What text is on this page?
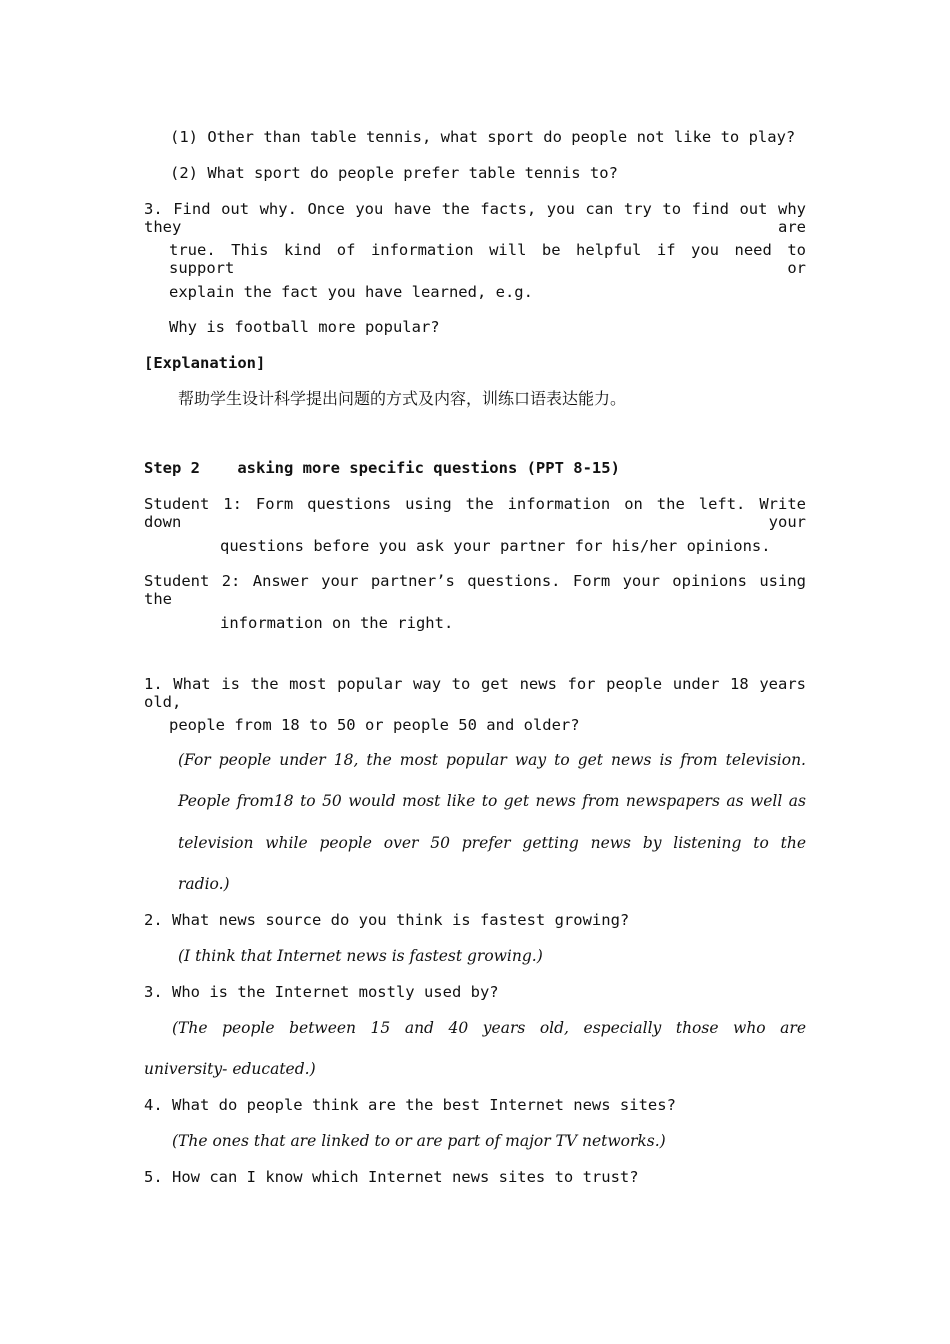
(1) Other than table tennis, what sport do people not like to play?
(2) What sport do people prefer table tennis to?
3. Find out why. Once you have the facts, you can try to find out why they are
true. This kind of information will be helpful if you need to support or
explain the fact you have learned, e.g.
Why is football more popular?
[Explanation]
帮助学生设计科学提出问题的方式及内容，训练口语表达能力。
Step 2    asking more specific questions (PPT 8-15)
Student 1: Form questions using the information on the left. Write down your
questions before you ask your partner for his/her opinions.
Student 2: Answer your partner’s questions. Form your opinions using the
information on the right.
1. What is the most popular way to get news for people under 18 years old,
people from 18 to 50 or people 50 and older?
(For people under 18, the most popular way to get news is from television.
People from18 to 50 would most like to get news from newspapers as well as
television while people over 50 prefer getting news by listening to the
radio.)
2. What news source do you think is fastest growing?
(I think that Internet news is fastest growing.)
3. Who is the Internet mostly used by?
(The people between 15 and 40 years old, especially those who are
university- educated.)
4. What do people think are the best Internet news sites?
(The ones that are linked to or are part of major TV networks.)
5. How can I know which Internet news sites to trust?
